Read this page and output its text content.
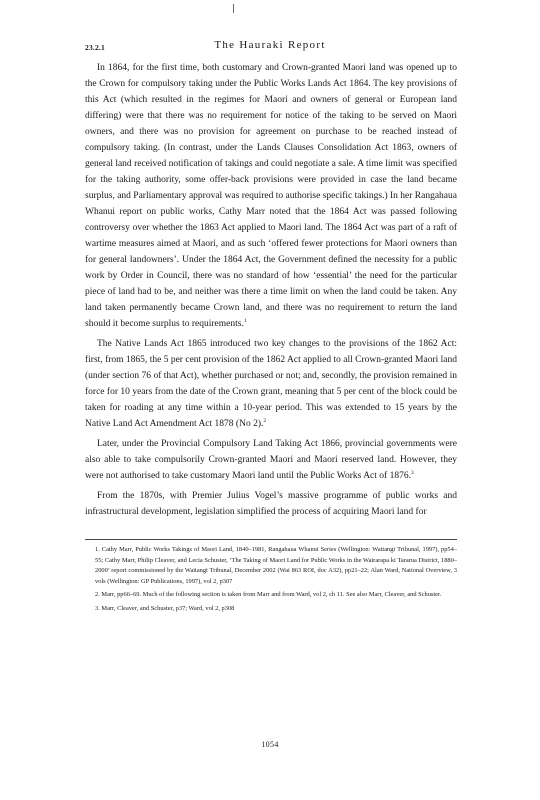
23.2.1	The Hauraki Report

In 1864, for the first time, both customary and Crown-granted Maori land was opened up to the Crown for compulsory taking under the Public Works Lands Act 1864. The key provisions of this Act (which resulted in the regimes for Maori and owners of general or European land differing) were that there was no requirement for notice of the taking to be served on Maori owners, and there was no provision for agreement on purchase to be reached instead of compulsory taking. (In contrast, under the Lands Clauses Consolidation Act 1863, owners of general land received notification of takings and could negotiate a sale. A time limit was specified for the taking authority, some offer-back provisions were provided in case the land became surplus, and Parliamentary approval was required to authorise specific takings.) In her Rangahaua Whanui report on public works, Cathy Marr noted that the 1864 Act was passed following controversy over whether the 1863 Act applied to Maori land. The 1864 Act was part of a raft of wartime measures aimed at Maori, and as such ‘offered fewer protections for Maori owners than for general landowners’. Under the 1864 Act, the Government defined the necessity for a public work by Order in Council, there was no standard of how ‘essential’ the need for the particular piece of land had to be, and neither was there a time limit on when the land could be taken. Any land taken permanently became Crown land, and there was no requirement to return the land should it become surplus to requirements.$^1$

The Native Lands Act 1865 introduced two key changes to the provisions of the 1862 Act: first, from 1865, the 5 per cent provision of the 1862 Act applied to all Crown-granted Maori land (under section 76 of that Act), whether purchased or not; and, secondly, the provision remained in force for 10 years from the date of the Crown grant, meaning that 5 per cent of the block could be taken for roading at any time within a 10-year period. This was extended to 15 years by the Native Land Act Amendment Act 1878 (No 2).$^2$

Later, under the Provincial Compulsory Land Taking Act 1866, provincial governments were also able to take compulsorily Crown-granted Maori and Maori reserved land. However, they were not authorised to take customary Maori land until the Public Works Act of 1876.$^3$

From the 1870s, with Premier Julius Vogel’s massive programme of public works and infrastructural development, legislation simplified the process of acquiring Maori land for

1. Cathy Marr, Public Works Takings of Maori Land, 1840–1981, Rangahaua Whanui Series (Wellington: Waitangi Tribunal, 1997), pp54–55; Cathy Marr, Philip Cleaver, and Lecia Schuster, ‘The Taking of Maori Land for Public Works in the Wairarapa ki Tararua District, 1880–2000’ report commissioned by the Waitangi Tribunal, December 2002 (Wai 863 ROI, doc A32), pp21–22; Alan Ward, National Overview, 3 vols (Wellington: GP Publications, 1997), vol 2, p307

2. Marr, pp66–69. Much of the following section is taken from Marr and from Ward, vol 2, ch 11. See also Marr, Cleaver, and Schuster.

3. Marr, Cleaver, and Schuster, p37; Ward, vol 2, p308

1054
